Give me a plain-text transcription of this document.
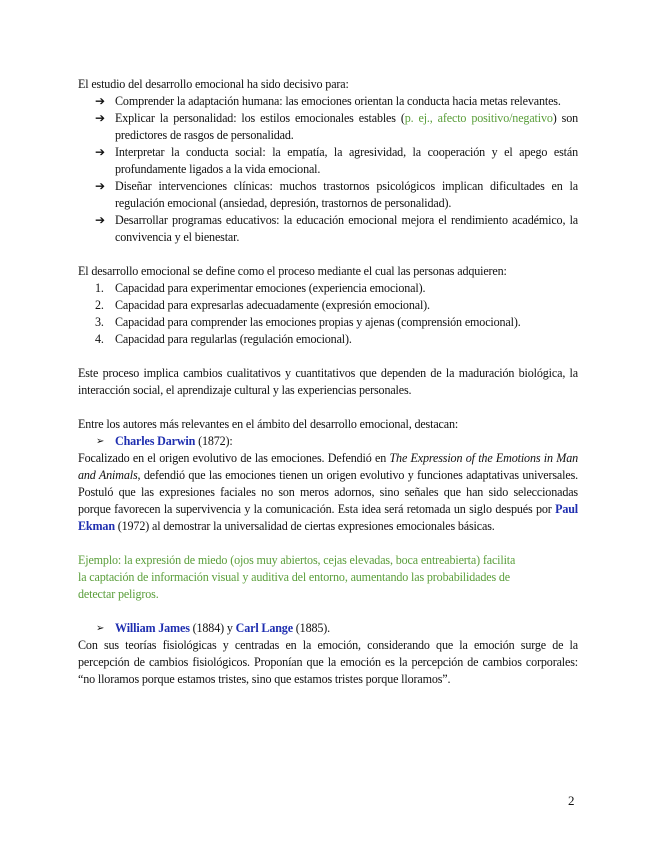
El estudio del desarrollo emocional ha sido decisivo para:

➔ Comprender la adaptación humana: las emociones orientan la conducta hacia metas relevantes.
➔ Explicar la personalidad: los estilos emocionales estables (p. ej., afecto positivo/negativo) son predictores de rasgos de personalidad.
➔ Interpretar la conducta social: la empatía, la agresividad, la cooperación y el apego están profundamente ligados a la vida emocional.
➔ Diseñar intervenciones clínicas: muchos trastornos psicológicos implican dificultades en la regulación emocional (ansiedad, depresión, trastornos de personalidad).
➔ Desarrollar programas educativos: la educación emocional mejora el rendimiento académico, la convivencia y el bienestar.

El desarrollo emocional se define como el proceso mediante el cual las personas adquieren:

1. Capacidad para experimentar emociones (experiencia emocional).
2. Capacidad para expresarlas adecuadamente (expresión emocional).
3. Capacidad para comprender las emociones propias y ajenas (comprensión emocional).
4. Capacidad para regularlas (regulación emocional).

Este proceso implica cambios cualitativos y cuantitativos que dependen de la maduración biológica, la interacción social, el aprendizaje cultural y las experiencias personales.

Entre los autores más relevantes en el ámbito del desarrollo emocional, destacan:

➢ Charles Darwin (1872):

Focalizado en el origen evolutivo de las emociones. Defendió en The Expression of the Emotions in Man and Animals, defendió que las emociones tienen un origen evolutivo y funciones adaptativas universales. Postuló que las expresiones faciales no son meros adornos, sino señales que han sido seleccionadas porque favorecen la supervivencia y la comunicación. Esta idea será retomada un siglo después por Paul Ekman (1972) al demostrar la universalidad de ciertas expresiones emocionales básicas.

Ejemplo: la expresión de miedo (ojos muy abiertos, cejas elevadas, boca entreabierta) facilita

la captación de información visual y auditiva del entorno, aumentando las probabilidades de

detectar peligros.

➢ William James (1884) y Carl Lange (1885).

Con sus teorías fisiológicas y centradas en la emoción, considerando que la emoción surge de la percepción de cambios fisiológicos. Proponían que la emoción es la percepción de cambios corporales: “no lloramos porque estamos tristes, sino que estamos tristes porque lloramos”.

2
